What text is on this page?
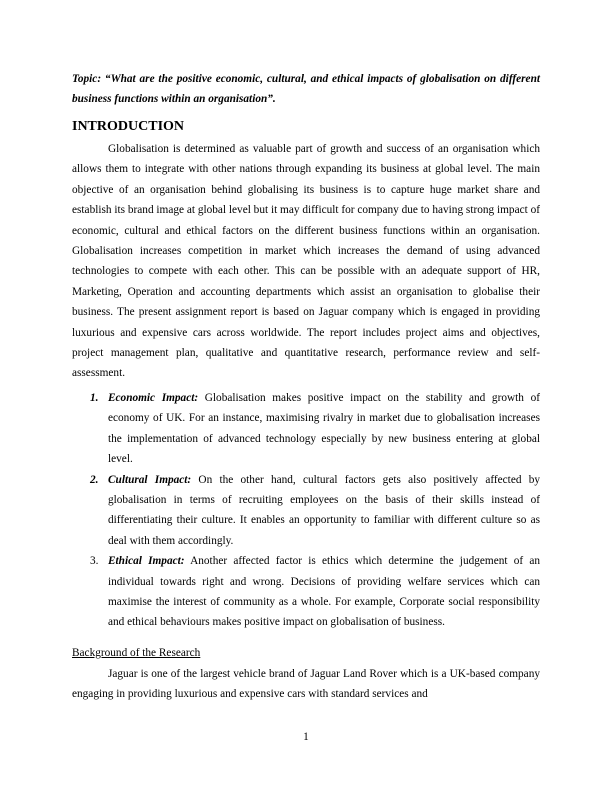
Topic: “What are the positive economic, cultural, and ethical impacts of globalisation on different business functions within an organisation”.
INTRODUCTION
Globalisation is determined as valuable part of growth and success of an organisation which allows them to integrate with other nations through expanding its business at global level. The main objective of an organisation behind globalising its business is to capture huge market share and establish its brand image at global level but it may difficult for company due to having strong impact of economic, cultural and ethical factors on the different business functions within an organisation. Globalisation increases competition in market which increases the demand of using advanced technologies to compete with each other. This can be possible with an adequate support of HR, Marketing, Operation and accounting departments which assist an organisation to globalise their business. The present assignment report is based on Jaguar company which is engaged in providing luxurious and expensive cars across worldwide. The report includes project aims and objectives, project management plan, qualitative and quantitative research, performance review and self-assessment.
1. Economic Impact: Globalisation makes positive impact on the stability and growth of economy of UK. For an instance, maximising rivalry in market due to globalisation increases the implementation of advanced technology especially by new business entering at global level.
2. Cultural Impact: On the other hand, cultural factors gets also positively affected by globalisation in terms of recruiting employees on the basis of their skills instead of differentiating their culture. It enables an opportunity to familiar with different culture so as deal with them accordingly.
3. Ethical Impact: Another affected factor is ethics which determine the judgement of an individual towards right and wrong. Decisions of providing welfare services which can maximise the interest of community as a whole. For example, Corporate social responsibility and ethical behaviours makes positive impact on globalisation of business.
Background of the Research
Jaguar is one of the largest vehicle brand of Jaguar Land Rover which is a UK-based company engaging in providing luxurious and expensive cars with standard services and
1
